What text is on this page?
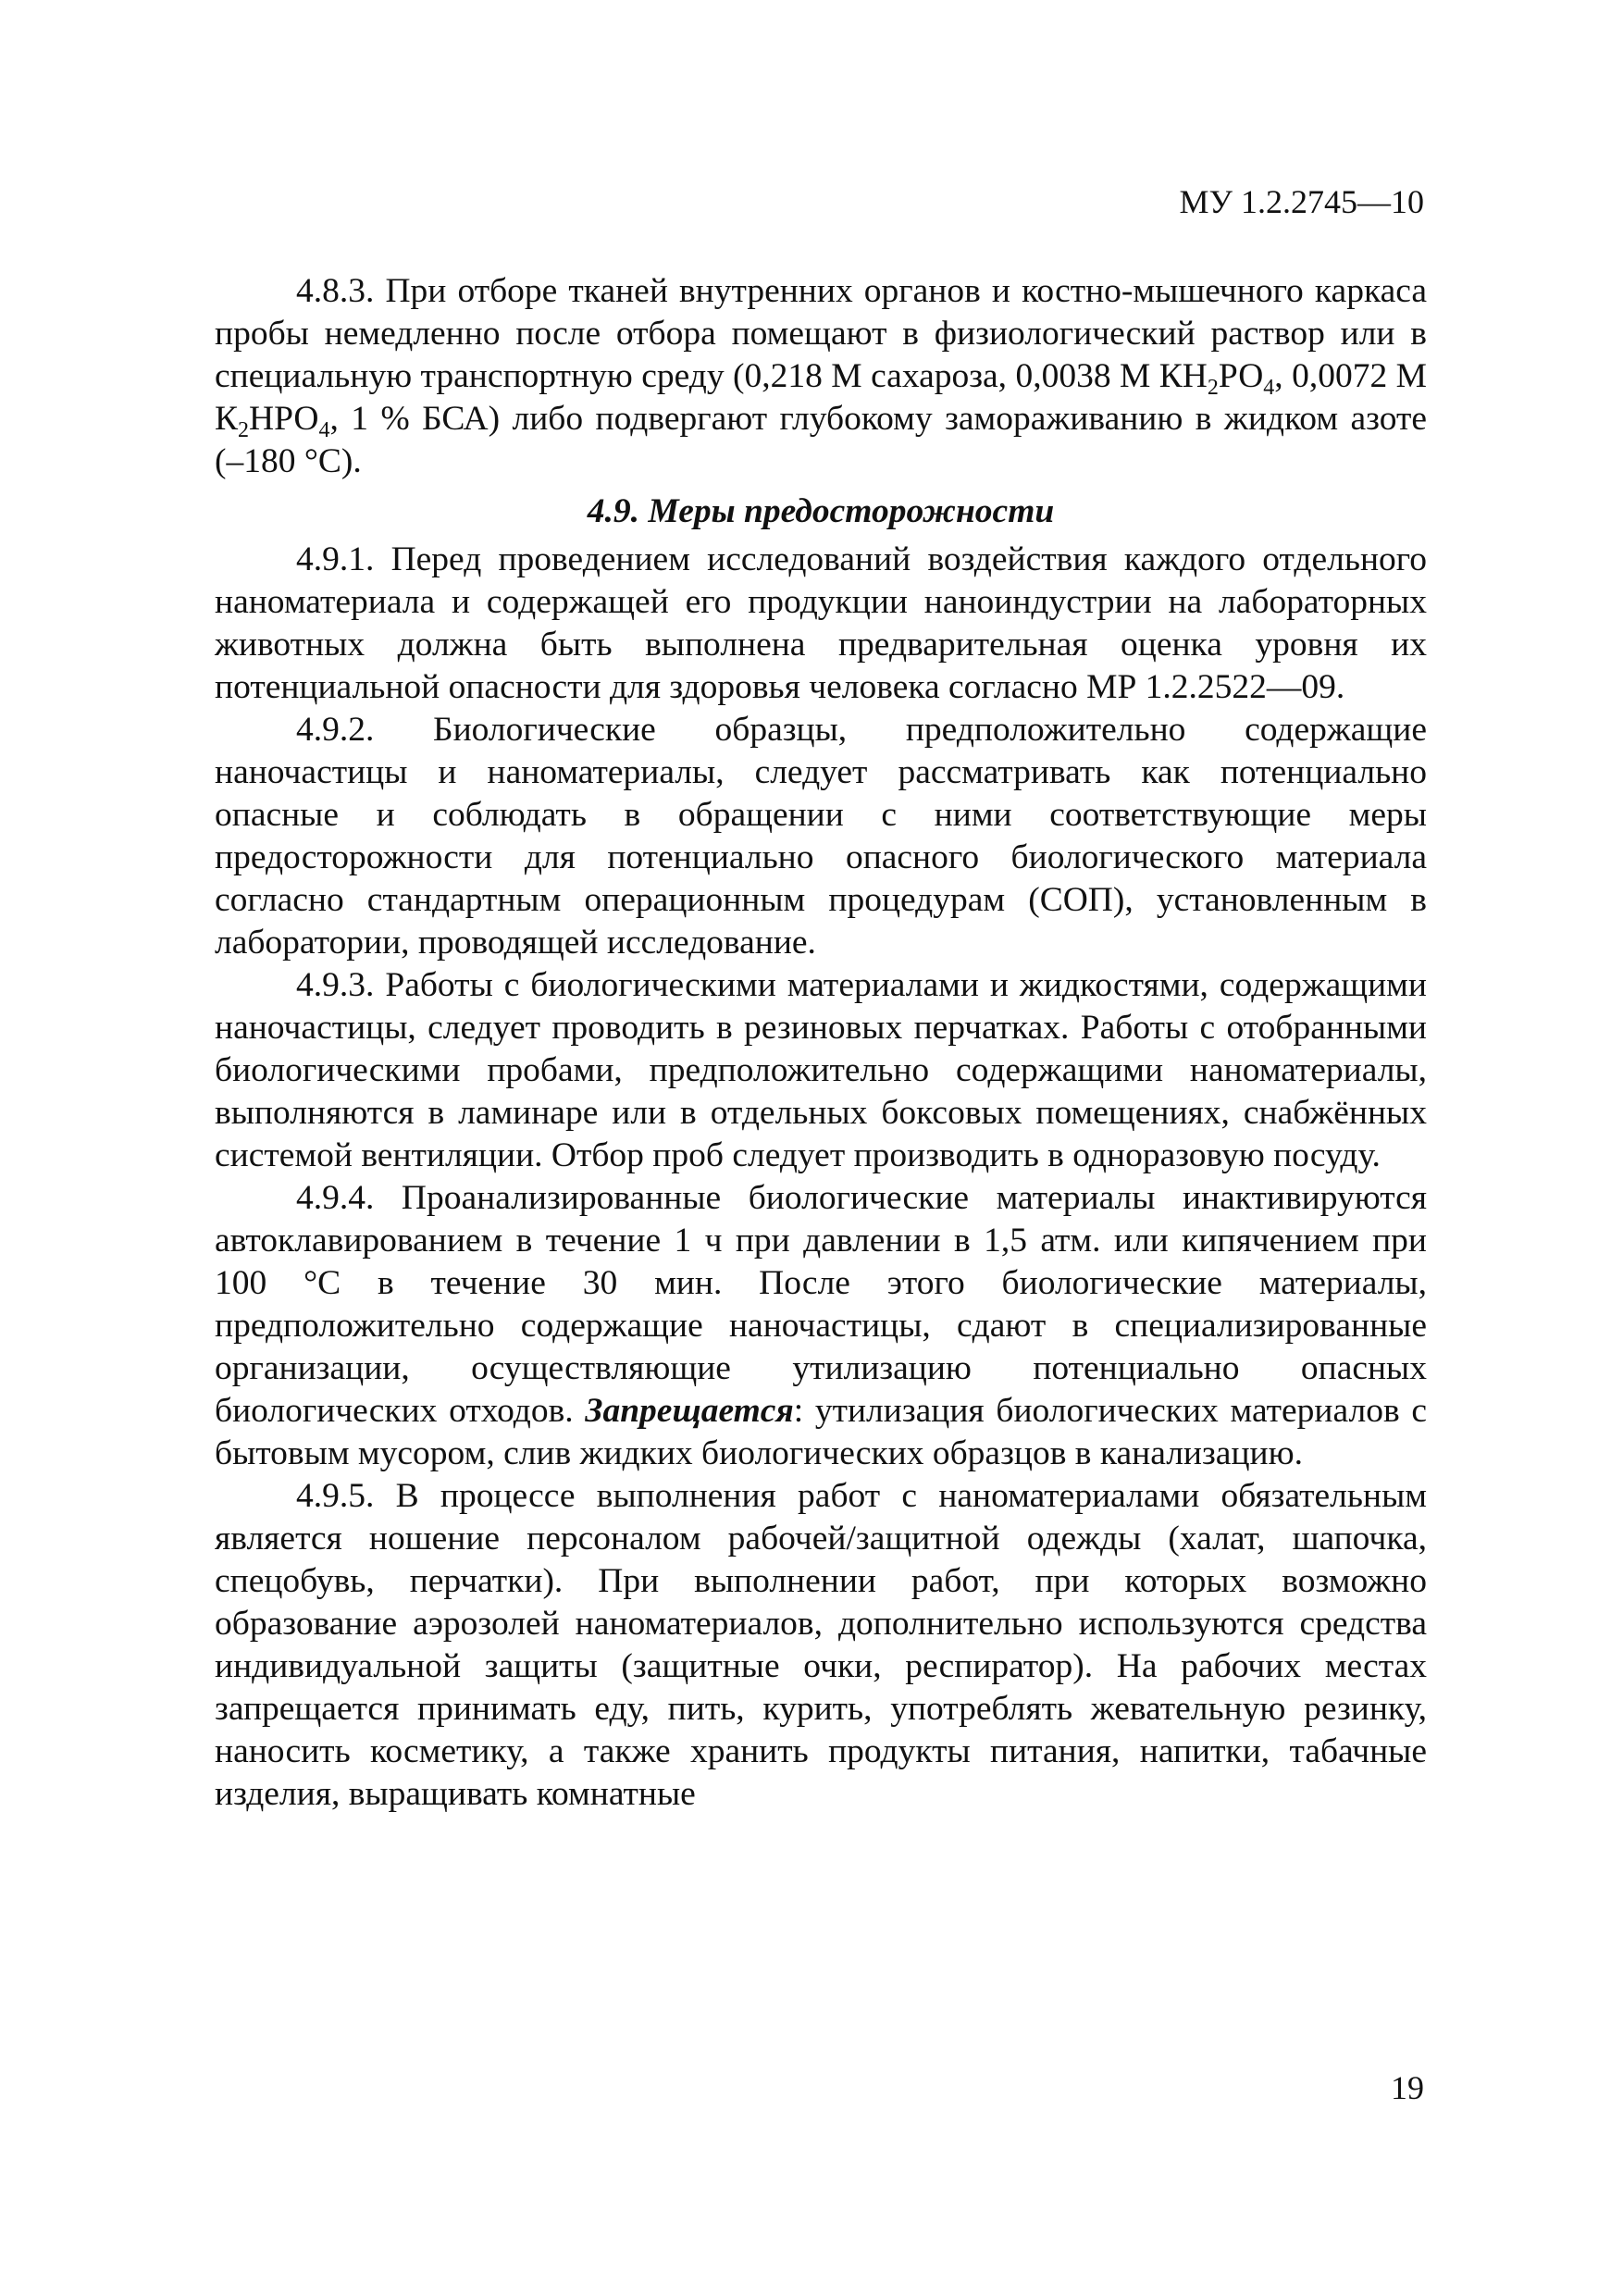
МУ 1.2.2745—10

4.8.3. При отборе тканей внутренних органов и костно-мышечного каркаса пробы немедленно после отбора помещают в физиологический раствор или в специальную транспортную среду (0,218 М сахароза, 0,0038 М $КН_2РО_4$, 0,0072 М $К_2НРО_4$, 1 % БСА) либо подвергают глубокому замораживанию в жидком азоте (–180 °С).

4.9. Меры предосторожности

4.9.1. Перед проведением исследований воздействия каждого отдельного наноматериала и содержащей его продукции наноиндустрии на лабораторных животных должна быть выполнена предварительная оценка уровня их потенциальной опасности для здоровья человека согласно МР 1.2.2522—09.

4.9.2. Биологические образцы, предположительно содержащие наночастицы и наноматериалы, следует рассматривать как потенциально опасные и соблюдать в обращении с ними соответствующие меры предосторожности для потенциально опасного биологического материала согласно стандартным операционным процедурам (СОП), установленным в лаборатории, проводящей исследование.

4.9.3. Работы с биологическими материалами и жидкостями, содержащими наночастицы, следует проводить в резиновых перчатках. Работы с отобранными биологическими пробами, предположительно содержащими наноматериалы, выполняются в ламинаре или в отдельных боксовых помещениях, снабжённых системой вентиляции. Отбор проб следует производить в одноразовую посуду.

4.9.4. Проанализированные биологические материалы инактивируются автоклавированием в течение 1 ч при давлении в 1,5 атм. или кипячением при 100 °С в течение 30 мин. После этого биологические материалы, предположительно содержащие наночастицы, сдают в специализированные организации, осуществляющие утилизацию потенциально опасных биологических отходов. Запрещается: утилизация биологических материалов с бытовым мусором, слив жидких биологических образцов в канализацию.

4.9.5. В процессе выполнения работ с наноматериалами обязательным является ношение персоналом рабочей/защитной одежды (халат, шапочка, спецобувь, перчатки). При выполнении работ, при которых возможно образование аэрозолей наноматериалов, дополнительно используются средства индивидуальной защиты (защитные очки, респиратор). На рабочих местах запрещается принимать еду, пить, курить, употреблять жевательную резинку, наносить косметику, а также хранить продукты питания, напитки, табачные изделия, выращивать комнатные

19
